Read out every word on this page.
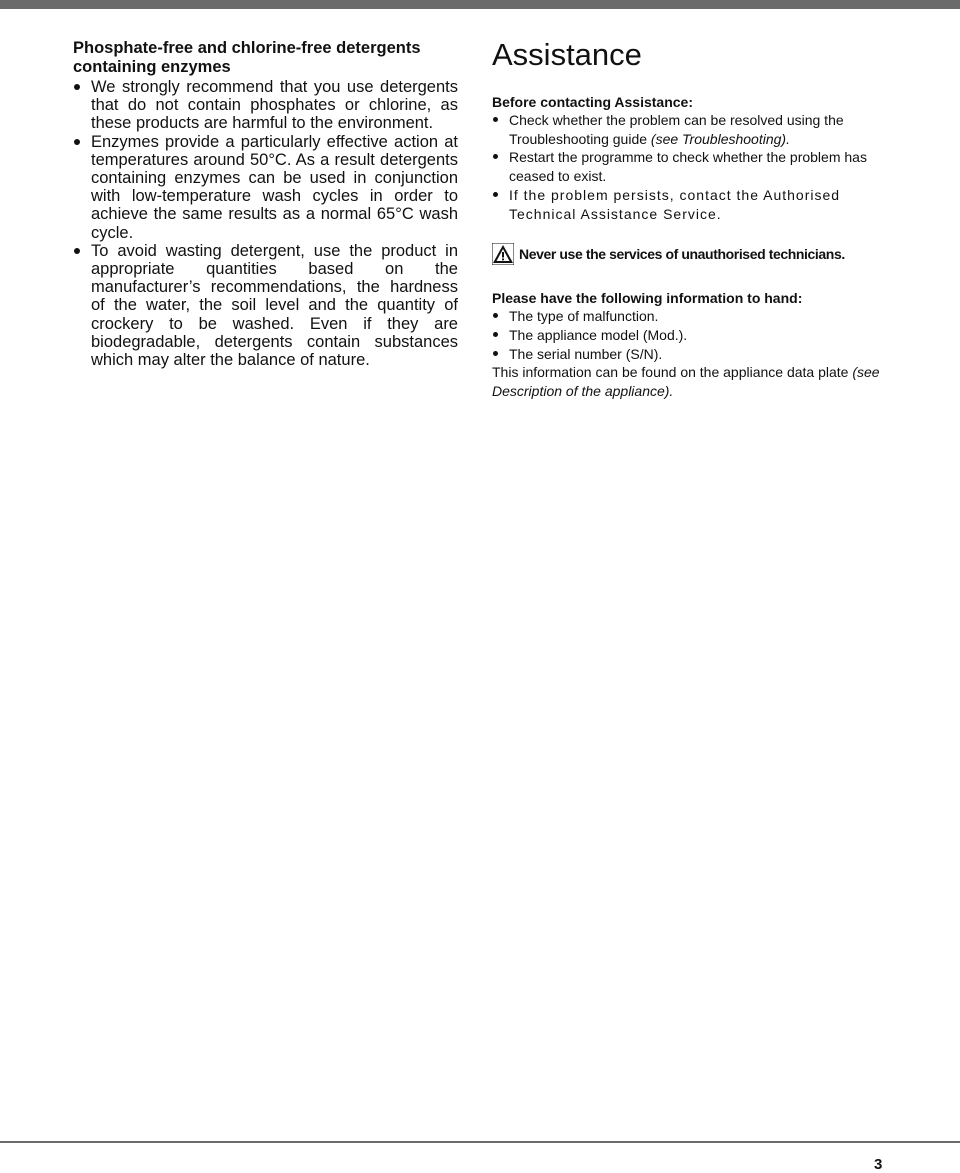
Phosphate-free and chlorine-free detergents containing enzymes

We strongly recommend that you use detergents that do not contain phosphates or chlorine, as these products are harmful to the environment.
Enzymes provide a particularly effective action at temperatures around 50°C. As a result detergents containing enzymes can be used in conjunction with low-temperature wash cycles in order to achieve the same results as a normal 65°C wash cycle.
To avoid wasting detergent, use the product in appropriate quantities based on the manufacturer’s recommendations, the hardness of the water, the soil level and the quantity of crockery to be washed. Even if they are biodegradable, detergents contain substances which may alter the balance of nature.
Assistance

Before contacting Assistance:

Check whether the problem can be resolved using the Troubleshooting guide (see Troubleshooting).
Restart the programme to check whether the problem has ceased to exist.
If the problem persists, contact the Authorised Technical Assistance Service.
Never use the services of unauthorised technicians.

Please have the following information to hand:

The type of malfunction.
The appliance model (Mod.).
The serial number (S/N).

This information can be found on the appliance data plate (see Description of the appliance).

3
